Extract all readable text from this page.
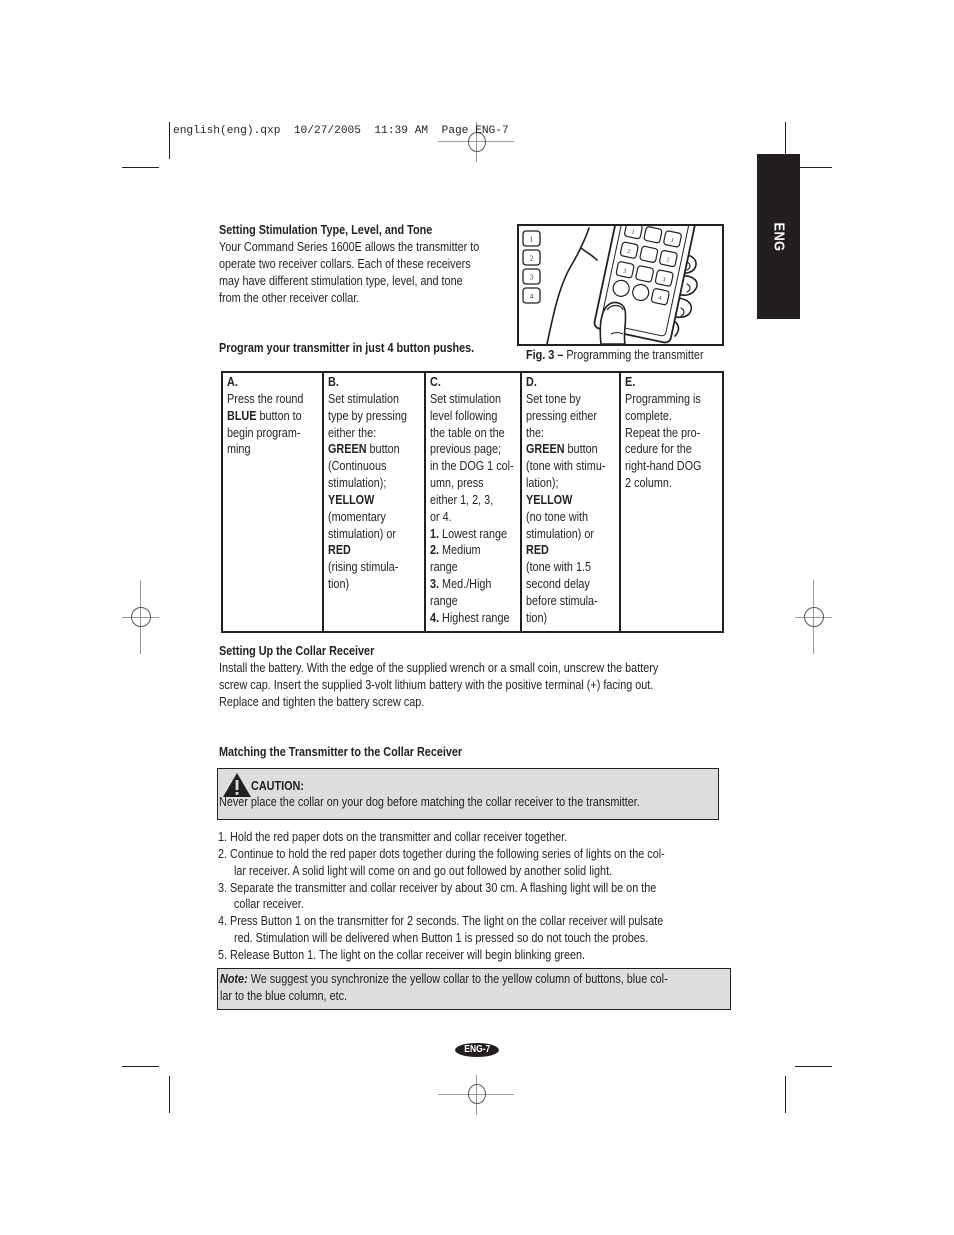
english(eng).qxp  10/27/2005  11:39 AM  Page ENG-7
ENG
Setting Stimulation Type, Level, and Tone
Your Command Series 1600E allows the transmitter to
operate two receiver collars. Each of these receivers
may have different stimulation type, level, and tone
from the other receiver collar.
Program your transmitter in just 4 button pushes.
1
2
3
4
1
1
2
2
3
3
4
Fig. 3 – Programming the transmitter
A.
Press the round
BLUE button to
begin program-
ming
B.
Set stimulation
type by pressing
either the:
GREEN button
(Continuous
stimulation);
YELLOW
(momentary
stimulation) or
RED
(rising stimula-
tion)
C.
Set stimulation
level following
the table on the
previous page;
in the DOG 1 col-
umn, press
either 1, 2, 3,
or 4.
1. Lowest range
2. Medium
range
3. Med./High
range
4. Highest range
D.
Set tone by
pressing either
the:
GREEN button
(tone with stimu-
lation);
YELLOW
(no tone with
stimulation) or
RED
(tone with 1.5
second delay
before stimula-
tion)
E.
Programming is
complete.
Repeat the pro-
cedure for the
right-hand DOG
2 column.
Setting Up the Collar Receiver
Install the battery. With the edge of the supplied wrench or a small coin, unscrew the battery
screw cap. Insert the supplied 3-volt lithium battery with the positive terminal (+) facing out.
Replace and tighten the battery screw cap.
Matching the Transmitter to the Collar Receiver
CAUTION:
Never place the collar on your dog before matching the collar receiver to the transmitter.
1. Hold the red paper dots on the transmitter and collar receiver together.
2. Continue to hold the red paper dots together during the following series of lights on the col-
lar receiver. A solid light will come on and go out followed by another solid light.
3. Separate the transmitter and collar receiver by about 30 cm. A flashing light will be on the
collar receiver.
4. Press Button 1 on the transmitter for 2 seconds. The light on the collar receiver will pulsate
red. Stimulation will be delivered when Button 1 is pressed so do not touch the probes.
5. Release Button 1. The light on the collar receiver will begin blinking green.
Note: We suggest you synchronize the yellow collar to the yellow column of buttons, blue col-
lar to the blue column, etc.
ENG-7
